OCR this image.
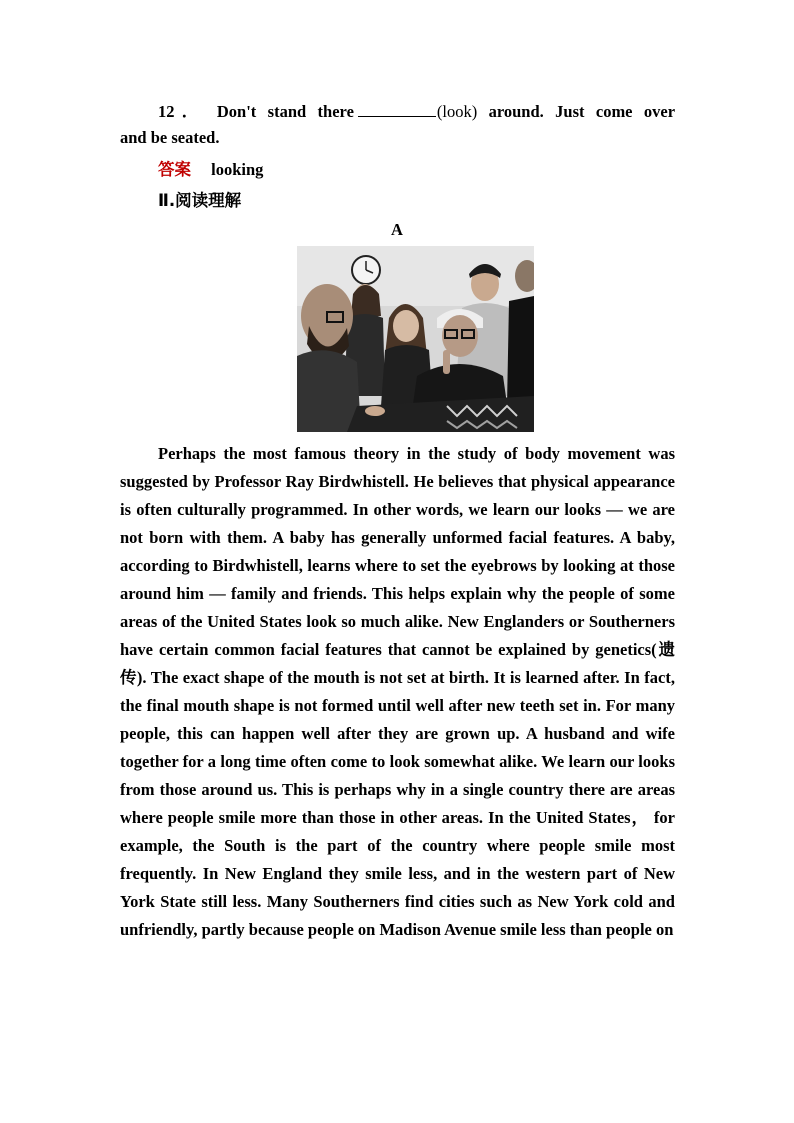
12． Don't stand there	(look) around. Just come over
and be seated.
答案 looking
Ⅱ.阅读理解
A

Perhaps the most famous theory in the study of body movement was suggested by Professor Ray Birdwhistell. He believes that physical appearance is often culturally programmed. In other words, we learn our looks — we are not born with them. A baby has generally unformed facial features. A baby, according to Birdwhistell, learns where to set the eyebrows by looking at those around him — family and friends. This helps explain why the people of some areas of the United States look so much alike. New Englanders or Southerners have certain common facial features that cannot be explained by genetics(遗传). The exact shape of the mouth is not set at birth. It is learned after. In fact, the final mouth shape is not formed until well after new teeth set in. For many people, this can happen well after they are grown up. A husband and wife together for a long time often come to look somewhat alike. We learn our looks from those around us. This is perhaps why in a single country there are areas where people smile more than those in other areas. In the United States， for example, the South is the part of the country where people smile most frequently. In New England they smile less, and in the western part of New York State still less. Many Southerners find cities such as New York cold and unfriendly, partly because people on Madison Avenue smile less than people on
